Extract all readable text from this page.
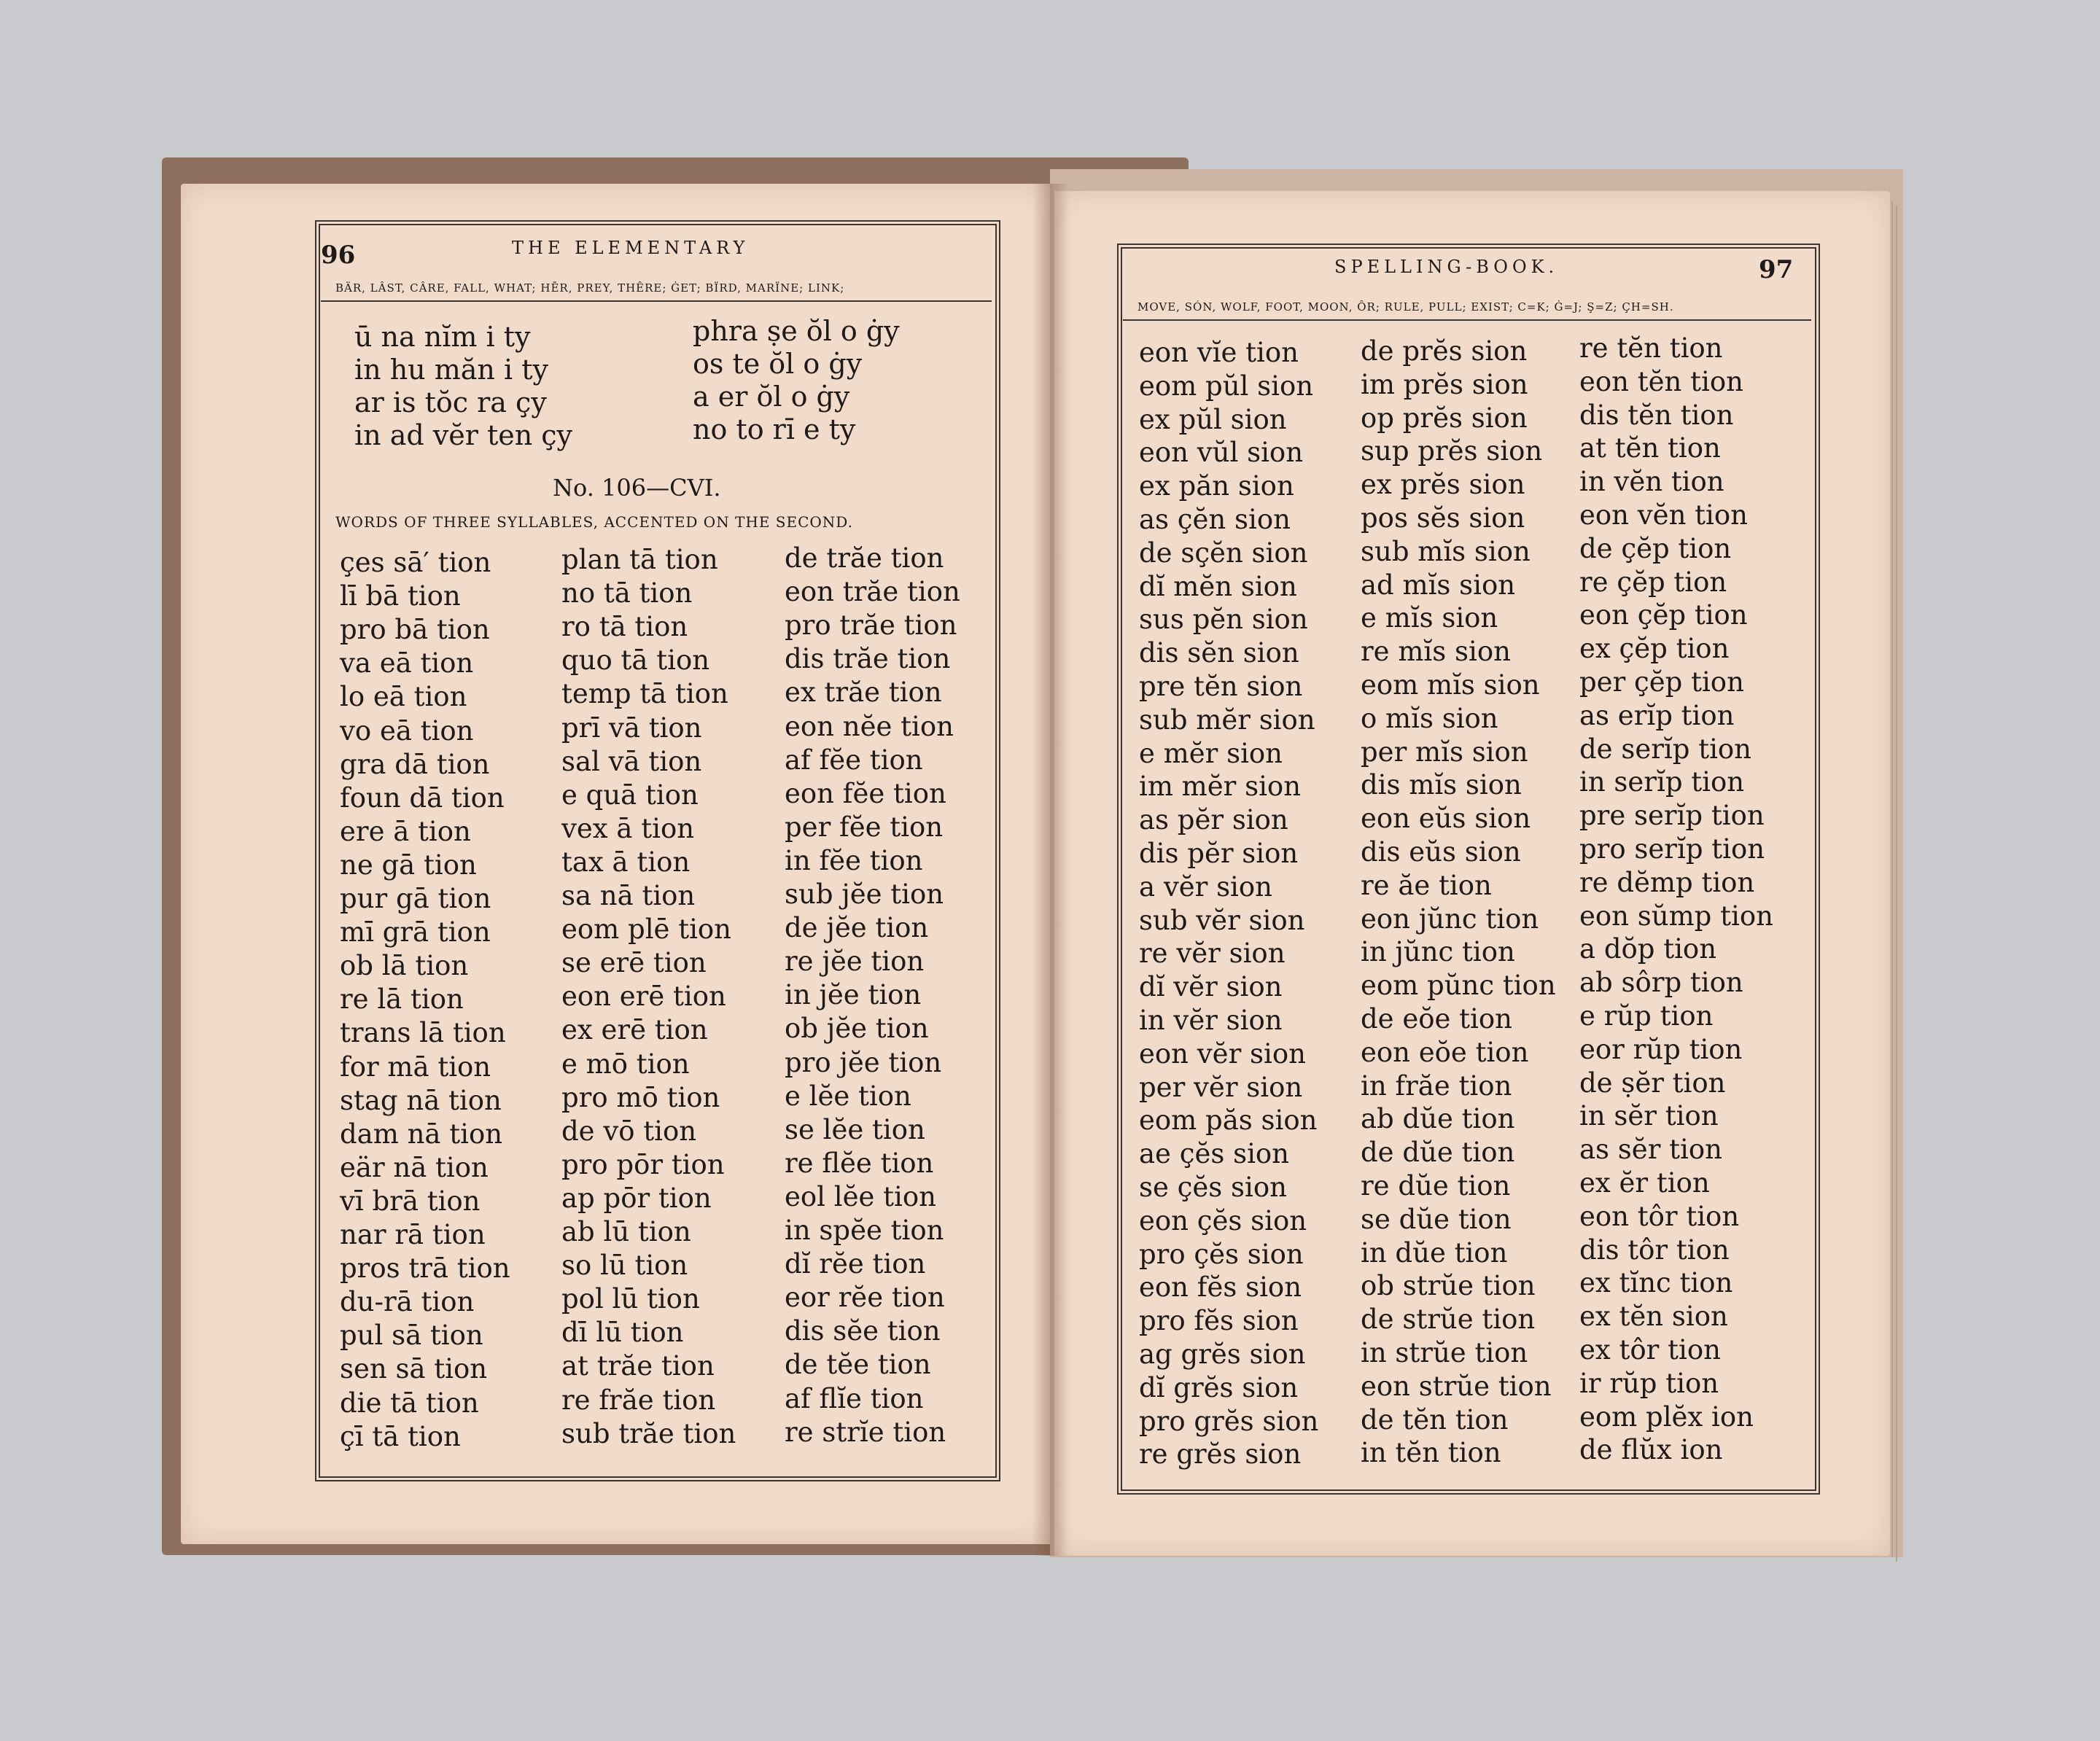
96	THE ELEMENTARY
BÄR, LÂST, CÂRE, FALL, WHAT; HĒR, PREY, THÊRE; ĠET; BÏRD, MARÏNE; LINK;
ū na nĭm i ty
in hu măn i ty
ar is tŏc ra çy
in ad vĕr ten çy
phra ṣe ŏl o ġy
os te ŏl o ġy
a er ŏl o ġy
no to rī e ty
No. 106—CVI.
WORDS OF THREE SYLLABLES, ACCENTED ON THE SECOND.
çes sā′ tion
lī bā tion
pro bā tion
va eā tion
lo eā tion
vo eā tion
gra dā tion
foun dā tion
ere ā tion
ne gā tion
pur gā tion
mī grā tion
ob lā tion
re lā tion
trans lā tion
for mā tion
stag nā tion
dam nā tion
eär nā tion
vī brā tion
nar rā tion
pros trā tion
du-rā tion
pul sā tion
sen sā tion
die tā tion
çī tā tion
plan tā tion
no tā tion
ro tā tion
quo tā tion
temp tā tion
prī vā tion
sal vā tion
e quā tion
vex ā tion
tax ā tion
sa nā tion
eom plē tion
se erē tion
eon erē tion
ex erē tion
e mō tion
pro mō tion
de vō tion
pro pōr tion
ap pōr tion
ab lū tion
so lū tion
pol lū tion
dī lū tion
at trăe tion
re frăe tion
sub trăe tion
de trăe tion
eon trăe tion
pro trăe tion
dis trăe tion
ex trăe tion
eon nĕe tion
af fĕe tion
eon fĕe tion
per fĕe tion
in fĕe tion
sub jĕe tion
de jĕe tion
re jĕe tion
in jĕe tion
ob jĕe tion
pro jĕe tion
e lĕe tion
se lĕe tion
re flĕe tion
eol lĕe tion
in spĕe tion
dĭ rĕe tion
eor rĕe tion
dis sĕe tion
de tĕe tion
af flĭe tion
re strĭe tion
SPELLING-BOOK.	97
MOVE, SÓN, WOLF, FOOT, MOON, ÔR; RULE, PULL; EXIST; C=K; Ġ=J; Ş=Z; ÇH=SH.
eon vĭe tion
eom pŭl sion
ex pŭl sion
eon vŭl sion
ex păn sion
as çĕn sion
de sçĕn sion
dĭ mĕn sion
sus pĕn sion
dis sĕn sion
pre tĕn sion
sub mĕr sion
e mĕr sion
im mĕr sion
as pĕr sion
dis pĕr sion
a vĕr sion
sub vĕr sion
re vĕr sion
dĭ vĕr sion
in vĕr sion
eon vĕr sion
per vĕr sion
eom păs sion
ae çĕs sion
se çĕs sion
eon çĕs sion
pro çĕs sion
eon fĕs sion
pro fĕs sion
ag grĕs sion
dĭ grĕs sion
pro grĕs sion
re grĕs sion
de prĕs sion
im prĕs sion
op prĕs sion
sup prĕs sion
ex prĕs sion
pos sĕs sion
sub mĭs sion
ad mĭs sion
e mĭs sion
re mĭs sion
eom mĭs sion
o mĭs sion
per mĭs sion
dis mĭs sion
eon eŭs sion
dis eŭs sion
re ăe tion
eon jŭnc tion
in jŭnc tion
eom pŭnc tion
de eŏe tion
eon eŏe tion
in frăe tion
ab dŭe tion
de dŭe tion
re dŭe tion
se dŭe tion
in dŭe tion
ob strŭe tion
de strŭe tion
in strŭe tion
eon strŭe tion
de tĕn tion
in tĕn tion
re tĕn tion
eon tĕn tion
dis tĕn tion
at tĕn tion
in vĕn tion
eon vĕn tion
de çĕp tion
re çĕp tion
eon çĕp tion
ex çĕp tion
per çĕp tion
as erĭp tion
de serĭp tion
in serĭp tion
pre serĭp tion
pro serĭp tion
re dĕmp tion
eon sŭmp tion
a dŏp tion
ab sôrp tion
e rŭp tion
eor rŭp tion
de ṣĕr tion
in sĕr tion
as sĕr tion
ex ĕr tion
eon tôr tion
dis tôr tion
ex tĭnc tion
ex tĕn sion
ex tôr tion
ir rŭp tion
eom plĕx ion
de flŭx ion
